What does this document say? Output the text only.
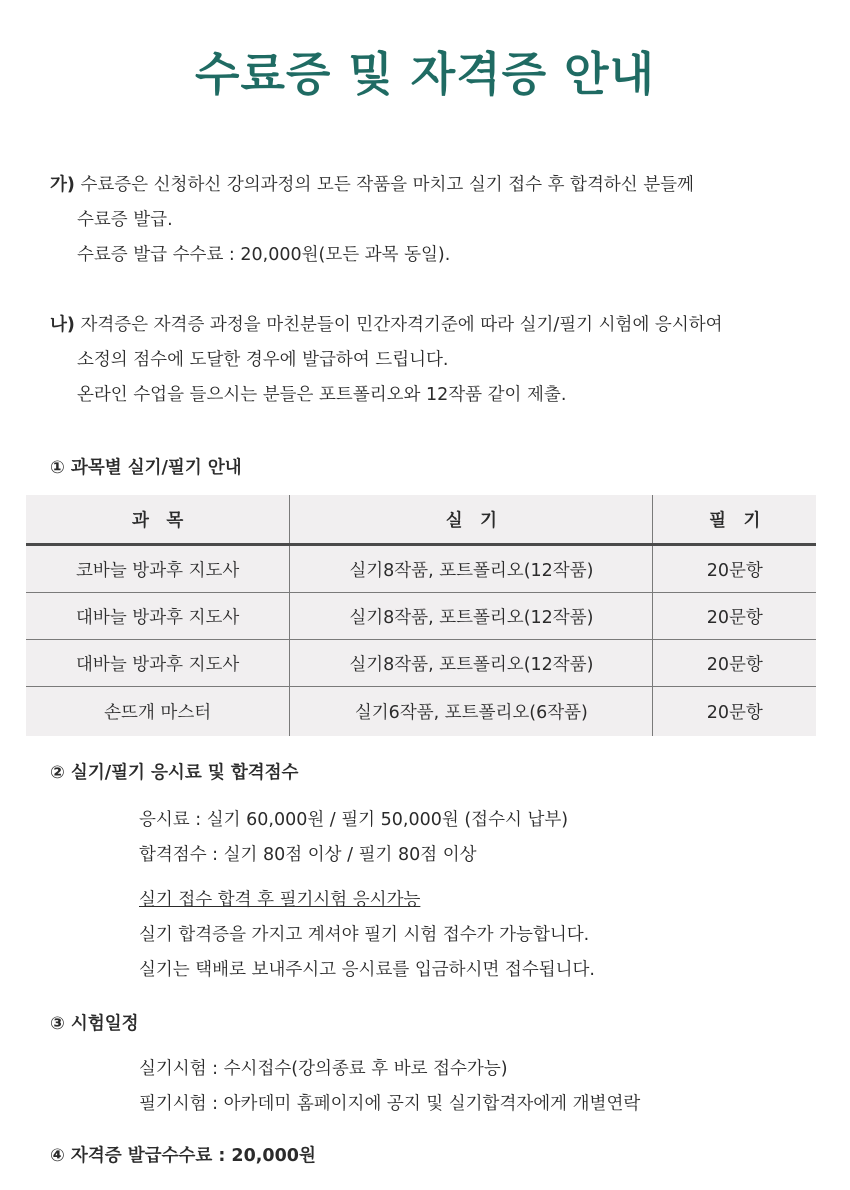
수료증 및 자격증 안내
가) 수료증은 신청하신 강의과정의 모든 작품을 마치고 실기 접수 후 합격하신 분들께
수료증 발급.
수료증 발급 수수료 : 20,000원(모든 과목 동일).
나) 자격증은 자격증 과정을 마친분들이 민간자격기준에 따라 실기/필기 시험에 응시하여
소정의 점수에 도달한 경우에 발급하여 드립니다.
온라인 수업을 들으시는 분들은 포트폴리오와 12작품 같이 제출.
① 과목별 실기/필기 안내
과　목	실　기	필　기
코바늘 방과후 지도사	실기8작품, 포트폴리오(12작품)	20문항
대바늘 방과후 지도사	실기8작품, 포트폴리오(12작품)	20문항
대바늘 방과후 지도사	실기8작품, 포트폴리오(12작품)	20문항
손뜨개 마스터	실기6작품, 포트폴리오(6작품)	20문항
② 실기/필기 응시료 및 합격점수
응시료 : 실기 60,000원 / 필기 50,000원 (접수시 납부)
합격점수 : 실기 80점 이상 / 필기 80점 이상
실기 접수 합격 후 필기시험 응시가능
실기 합격증을 가지고 계셔야 필기 시험 접수가 가능합니다.
실기는 택배로 보내주시고 응시료를 입금하시면 접수됩니다.
③ 시험일정
실기시험 : 수시접수(강의종료 후 바로 접수가능)
필기시험 : 아카데미 홈페이지에 공지 및 실기합격자에게 개별연락
④ 자격증 발급수수료 : 20,000원
